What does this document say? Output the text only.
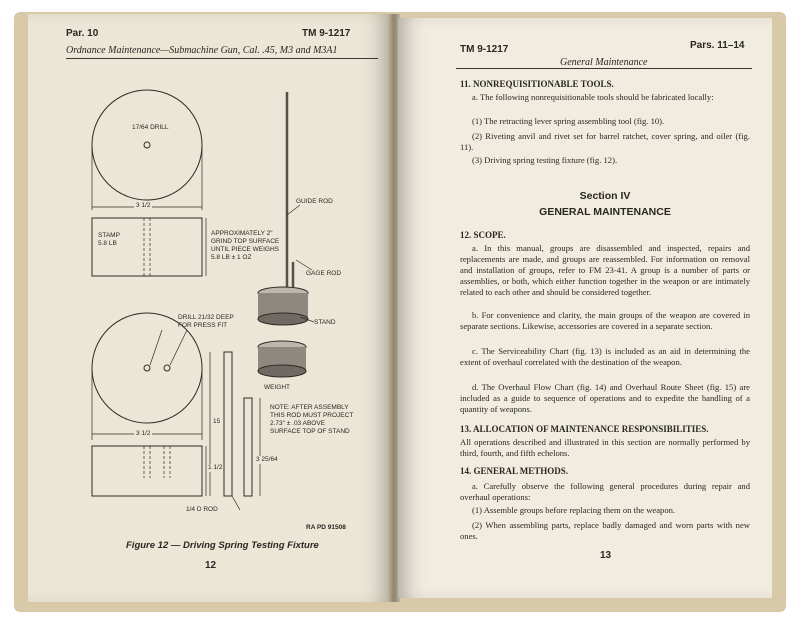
Par. 10	TM 9-1217
Ordnance Maintenance—Submachine Gun, Cal. .45, M3 and M3A1
17/64 DRILL
3 1/2
STAMP
5.8 LB
APPROXIMATELY 2"
GRIND TOP SURFACE
UNTIL PIECE WEIGHS
5.8 LB ± 1 OZ
GUIDE ROD
GAGE ROD
STAND
WEIGHT
DRILL 21/32 DEEP
FOR PRESS FIT
15
3 1/2
1 1/2
3 25/64
NOTE: AFTER ASSEMBLY
THIS ROD MUST PROJECT
2.73" ± .03 ABOVE
SURFACE TOP OF STAND
1/4 D ROD
RA PD 91508
Figure 12 — Driving Spring Testing Fixture
12
TM 9-1217	Pars. 11–14
General Maintenance
11. NONREQUISITIONABLE TOOLS.
a. The following nonrequisitionable tools should be fabricated locally:
(1) The retracting lever spring assembling tool (fig. 10).
(2) Riveting anvil and rivet set for barrel ratchet, cover spring, and oiler (fig. 11).
(3) Driving spring testing fixture (fig. 12).
Section IV
GENERAL MAINTENANCE
12. SCOPE.
a. In this manual, groups are disassembled and inspected, repairs and replacements are made, and groups are reassembled. For information on removal and installation of groups, refer to FM 23-41. A group is a number of parts or assemblies, or both, which either function together in the weapon or are intimately related to each other and should be considered together.
b. For convenience and clarity, the main groups of the weapon are covered in separate sections. Likewise, accessories are covered in a separate section.
c. The Serviceability Chart (fig. 13) is included as an aid in determining the extent of overhaul correlated with the destination of the weapon.
d. The Overhaul Flow Chart (fig. 14) and Overhaul Route Sheet (fig. 15) are included as a guide to sequence of operations and to expedite the handling of a quantity of weapons.
13. ALLOCATION OF MAINTENANCE RESPONSIBILITIES.
All operations described and illustrated in this section are normally performed by third, fourth, and fifth echelons.
14. GENERAL METHODS.
a. Carefully observe the following general procedures during repair and overhaul operations:
(1) Assemble groups before replacing them on the weapon.
(2) When assembling parts, replace badly damaged and worn parts with new ones.
13
